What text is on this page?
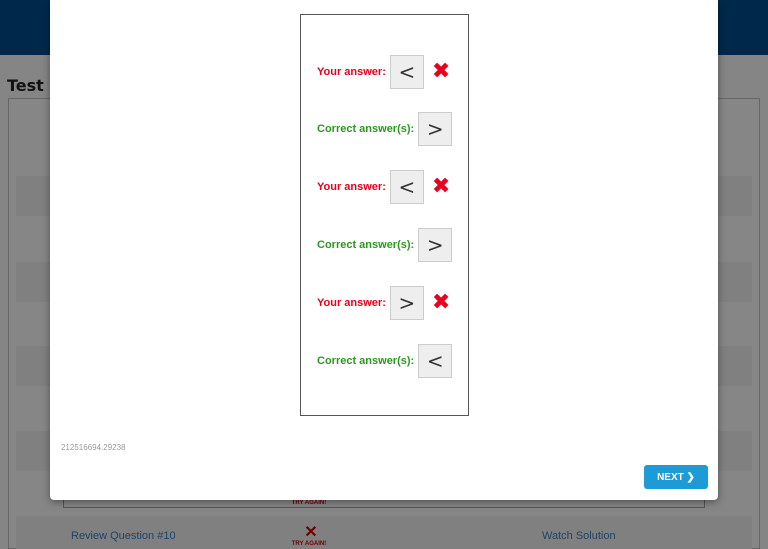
Test
TRY AGAIN!
Review Question #10	✕
TRY AGAIN!
Watch Solution
Your answer: < ✖
Correct answer(s): >
Your answer: < ✖
Correct answer(s): >
Your answer: > ✖
Correct answer(s): <
212516694.29238
NEXT ❯
